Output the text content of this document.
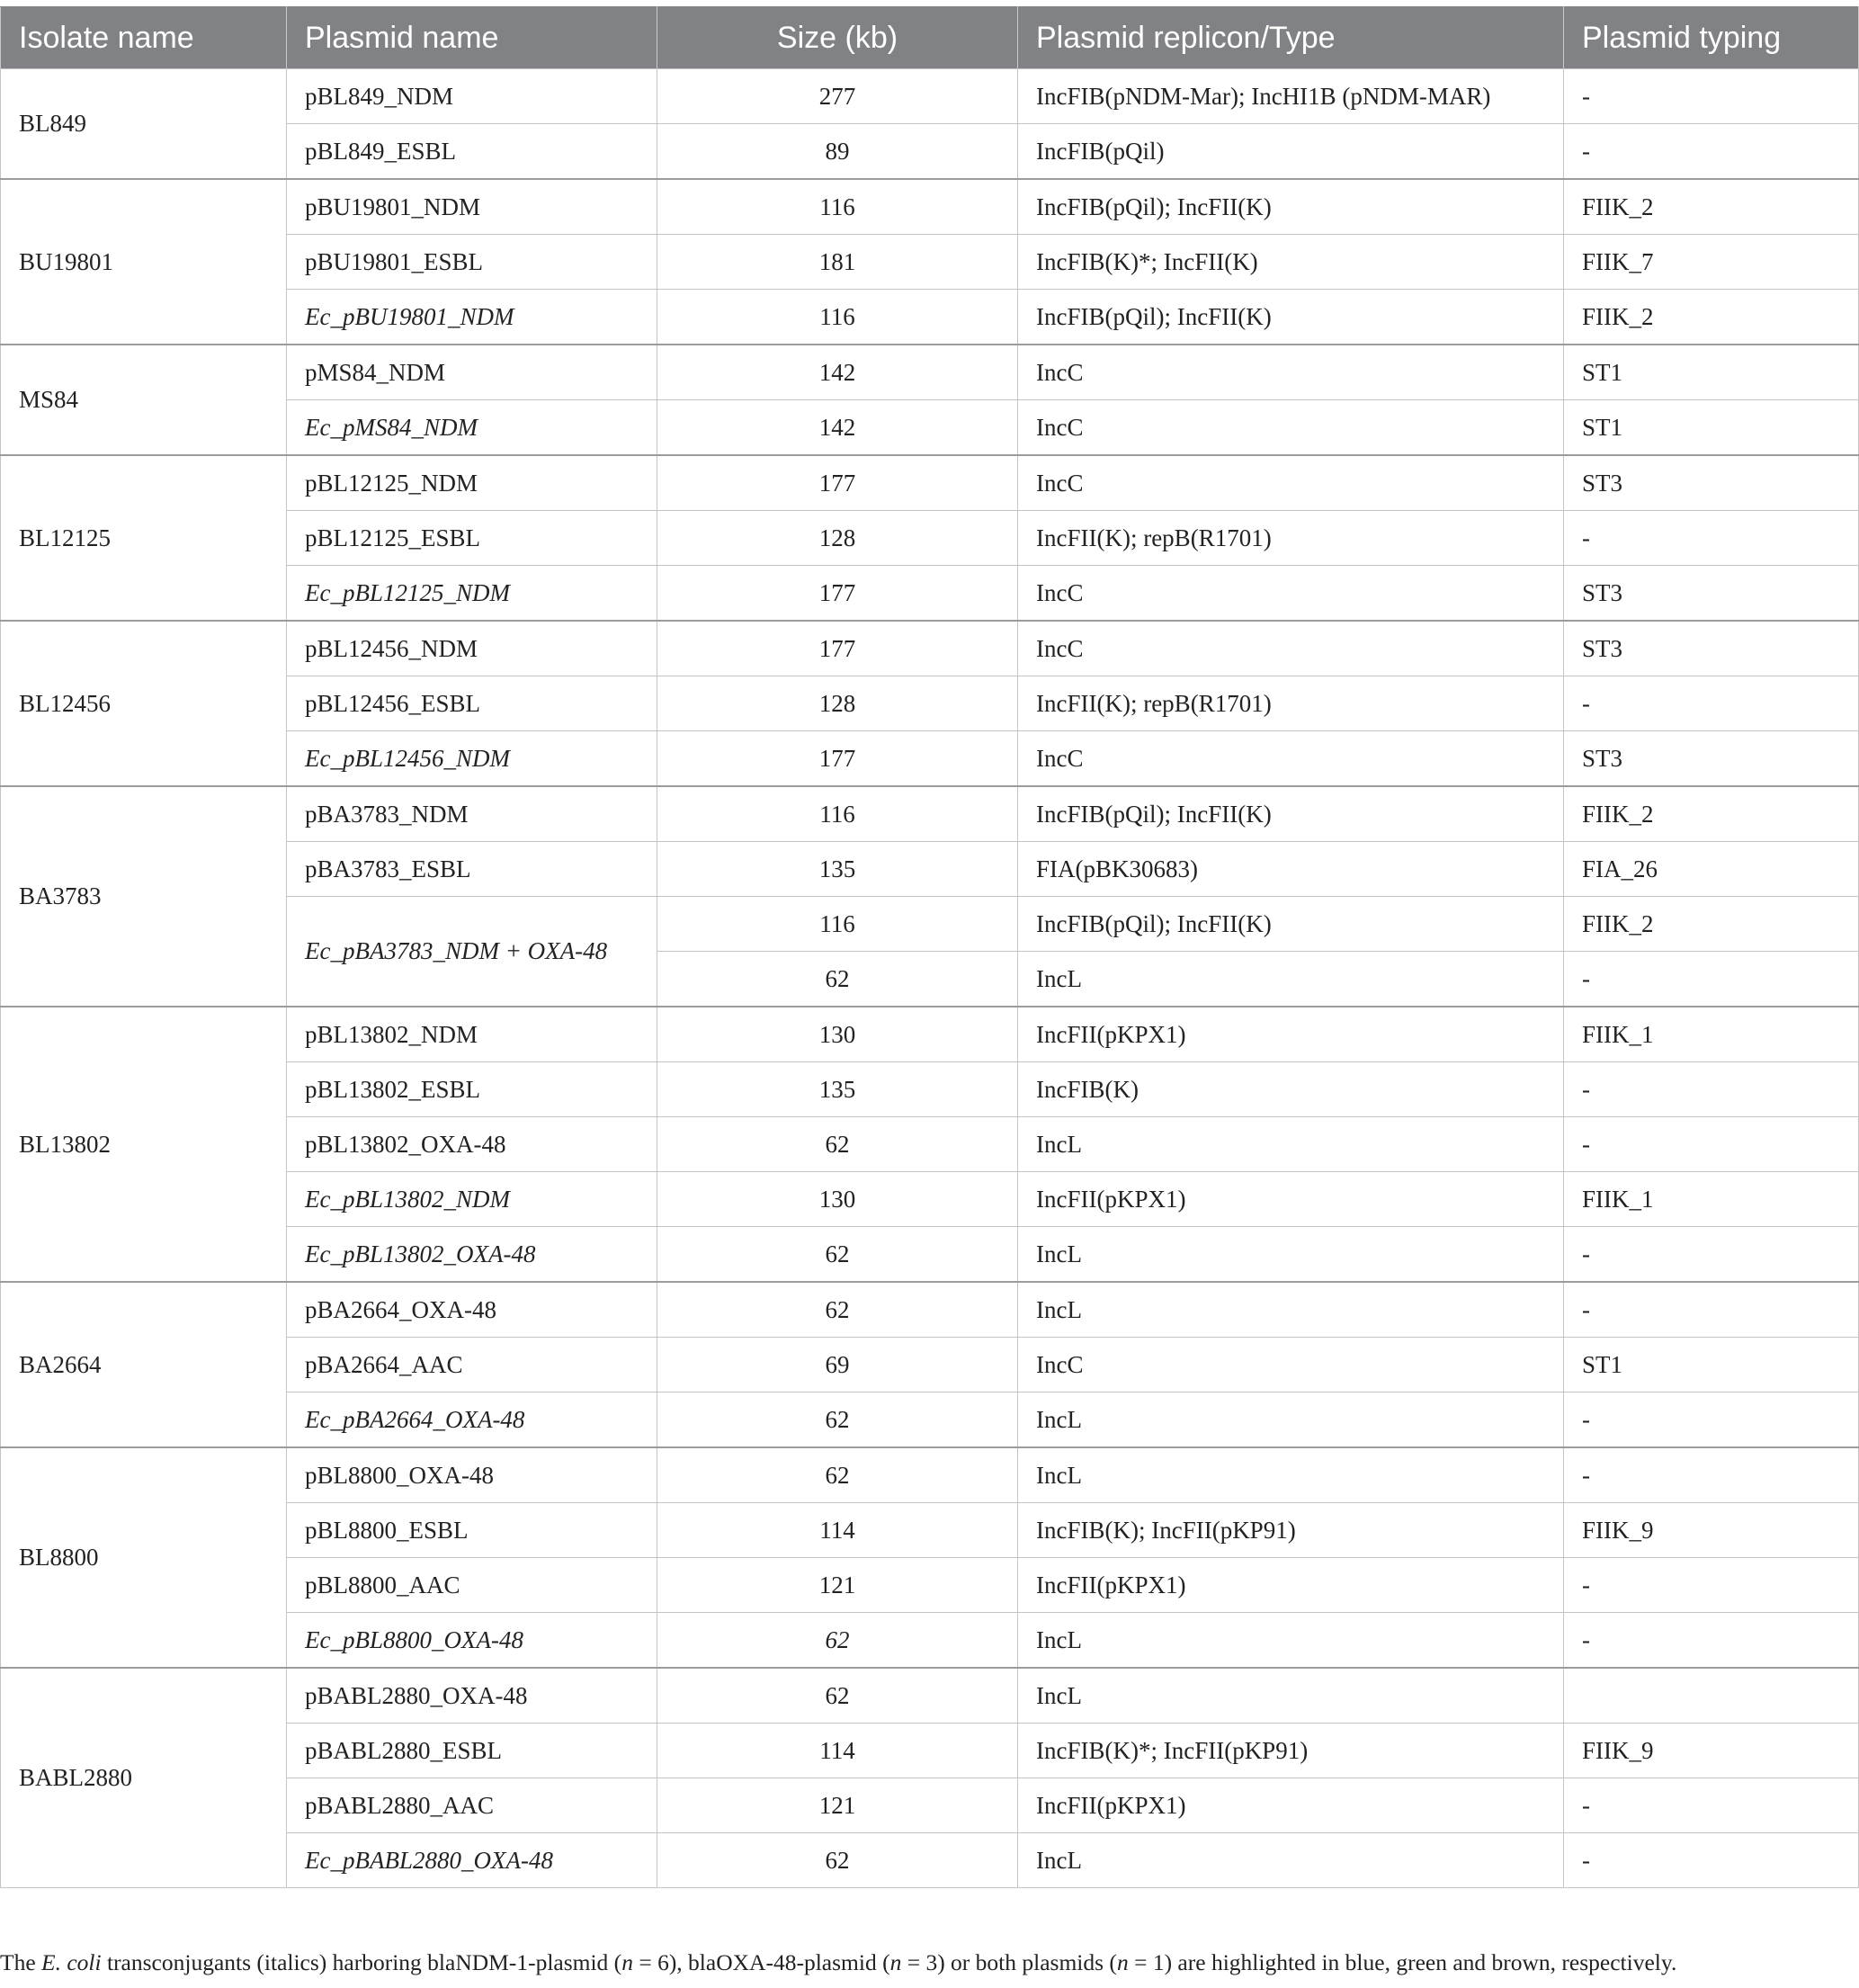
Isolate name	Plasmid name	Size (kb)	Plasmid replicon/Type	Plasmid typing
BL849	pBL849_NDM	277	IncFIB(pNDM-Mar); IncHI1B (pNDM-MAR)	-
	pBL849_ESBL	89	IncFIB(pQil)	-
BU19801	pBU19801_NDM	116	IncFIB(pQil); IncFII(K)	FIIK_2
	pBU19801_ESBL	181	IncFIB(K)*; IncFII(K)	FIIK_7
	Ec_pBU19801_NDM	116	IncFIB(pQil); IncFII(K)	FIIK_2
MS84	pMS84_NDM	142	IncC	ST1
	Ec_pMS84_NDM	142	IncC	ST1
BL12125	pBL12125_NDM	177	IncC	ST3
	pBL12125_ESBL	128	IncFII(K); repB(R1701)	-
	Ec_pBL12125_NDM	177	IncC	ST3
BL12456	pBL12456_NDM	177	IncC	ST3
	pBL12456_ESBL	128	IncFII(K); repB(R1701)	-
	Ec_pBL12456_NDM	177	IncC	ST3
BA3783	pBA3783_NDM	116	IncFIB(pQil); IncFII(K)	FIIK_2
	pBA3783_ESBL	135	FIA(pBK30683)	FIA_26
	Ec_pBA3783_NDM + OXA-48	116	IncFIB(pQil); IncFII(K)	FIIK_2
		62	IncL	-
BL13802	pBL13802_NDM	130	IncFII(pKPX1)	FIIK_1
	pBL13802_ESBL	135	IncFIB(K)	-
	pBL13802_OXA-48	62	IncL	-
	Ec_pBL13802_NDM	130	IncFII(pKPX1)	FIIK_1
	Ec_pBL13802_OXA-48	62	IncL	-
BA2664	pBA2664_OXA-48	62	IncL	-
	pBA2664_AAC	69	IncC	ST1
	Ec_pBA2664_OXA-48	62	IncL	-
BL8800	pBL8800_OXA-48	62	IncL	-
	pBL8800_ESBL	114	IncFIB(K); IncFII(pKP91)	FIIK_9
	pBL8800_AAC	121	IncFII(pKPX1)	-
	Ec_pBL8800_OXA-48	62	IncL	-
BABL2880	pBABL2880_OXA-48	62	IncL	
	pBABL2880_ESBL	114	IncFIB(K)*; IncFII(pKP91)	FIIK_9
	pBABL2880_AAC	121	IncFII(pKPX1)	-
	Ec_pBABL2880_OXA-48	62	IncL	-
The E. coli transconjugants (italics) harboring blaNDM-1-plasmid (n = 6), blaOXA-48-plasmid (n = 3) or both plasmids (n = 1) are highlighted in blue, green and brown, respectively.
